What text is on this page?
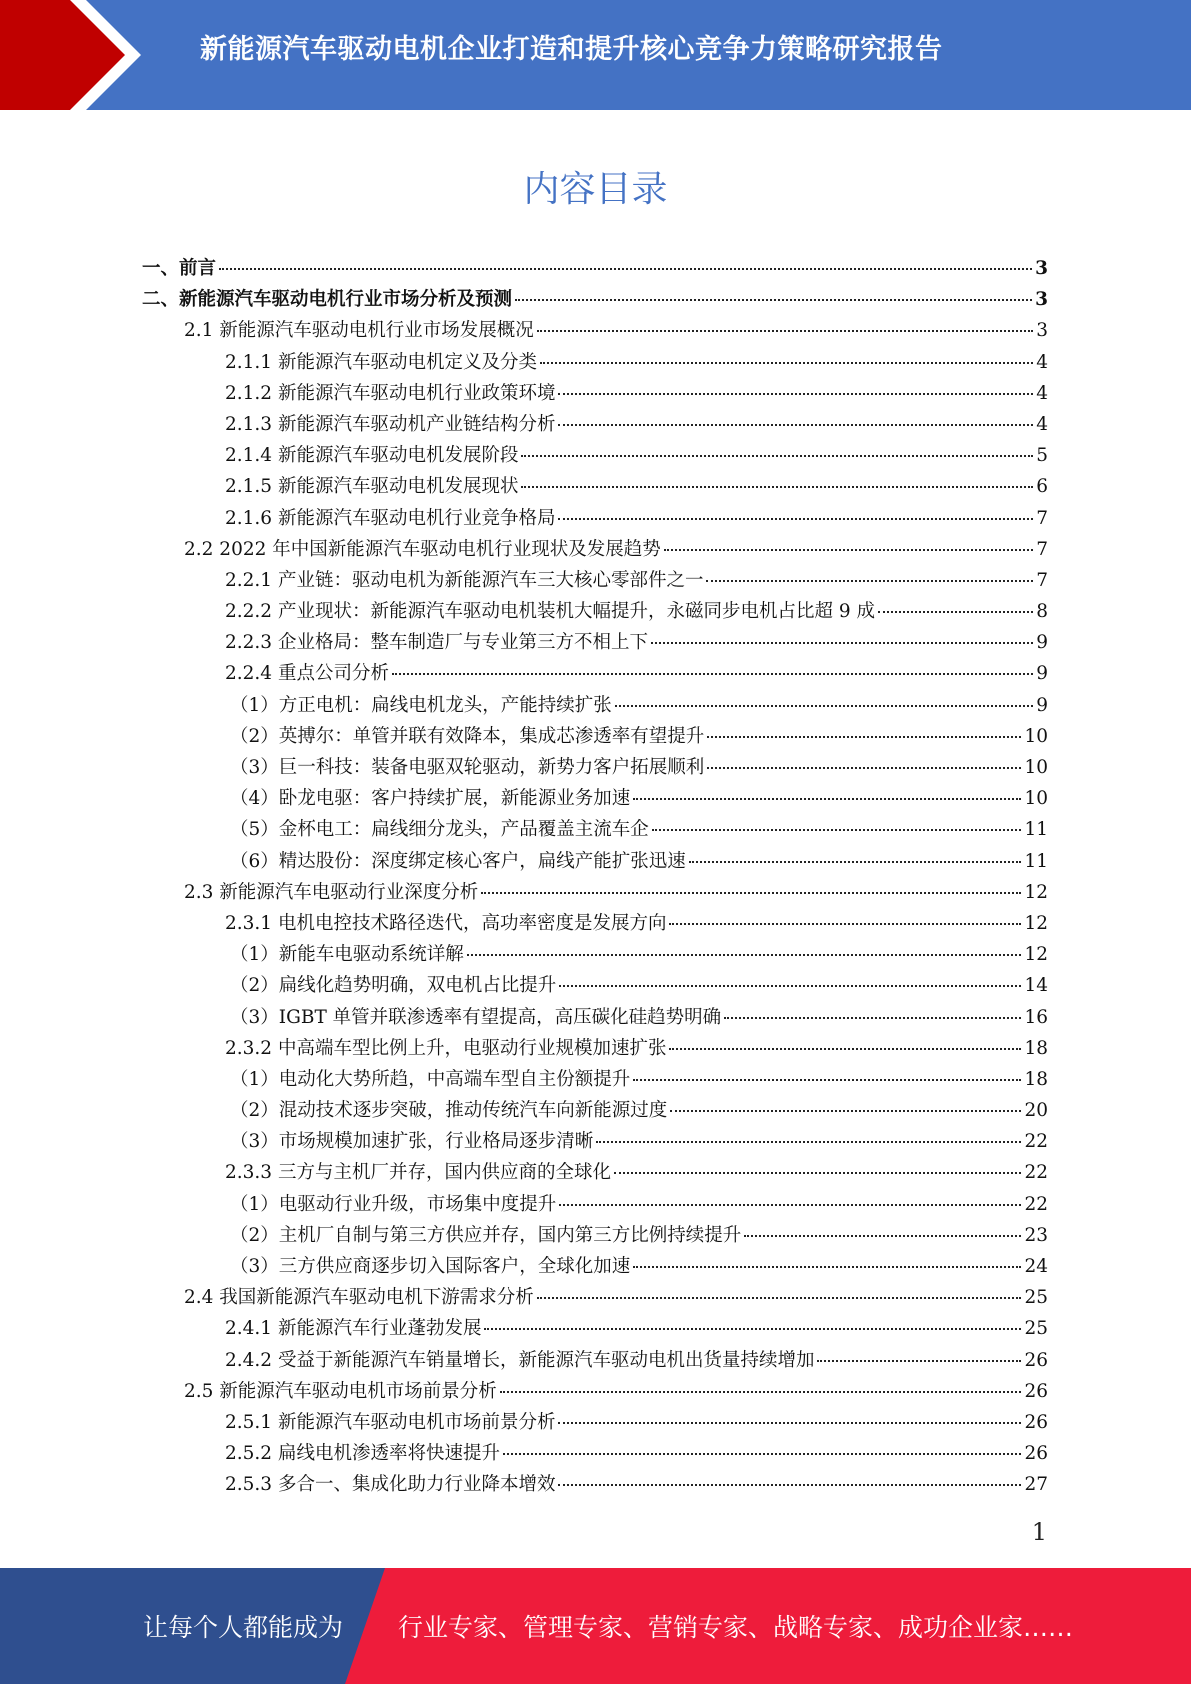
新能源汽车驱动电机企业打造和提升核心竞争力策略研究报告
内容目录
一、前言	3
二、新能源汽车驱动电机行业市场分析及预测	3
2.1 新能源汽车驱动电机行业市场发展概况	3
2.1.1 新能源汽车驱动电机定义及分类	4
2.1.2 新能源汽车驱动电机行业政策环境	4
2.1.3 新能源汽车驱动机产业链结构分析	4
2.1.4 新能源汽车驱动电机发展阶段	5
2.1.5 新能源汽车驱动电机发展现状	6
2.1.6 新能源汽车驱动电机行业竞争格局	7
2.2 2022 年中国新能源汽车驱动电机行业现状及发展趋势	7
2.2.1 产业链：驱动电机为新能源汽车三大核心零部件之一	7
2.2.2 产业现状：新能源汽车驱动电机装机大幅提升，永磁同步电机占比超 9 成	8
2.2.3 企业格局：整车制造厂与专业第三方不相上下	9
2.2.4 重点公司分析	9
（1）方正电机：扁线电机龙头，产能持续扩张	9
（2）英搏尔：单管并联有效降本，集成芯渗透率有望提升	10
（3）巨一科技：装备电驱双轮驱动，新势力客户拓展顺利	10
（4）卧龙电驱：客户持续扩展，新能源业务加速	10
（5）金杯电工：扁线细分龙头，产品覆盖主流车企	11
（6）精达股份：深度绑定核心客户，扁线产能扩张迅速	11
2.3 新能源汽车电驱动行业深度分析	12
2.3.1 电机电控技术路径迭代，高功率密度是发展方向	12
（1）新能车电驱动系统详解	12
（2）扁线化趋势明确，双电机占比提升	14
（3）IGBT 单管并联渗透率有望提高，高压碳化硅趋势明确	16
2.3.2 中高端车型比例上升，电驱动行业规模加速扩张	18
（1）电动化大势所趋，中高端车型自主份额提升	18
（2）混动技术逐步突破，推动传统汽车向新能源过度	20
（3）市场规模加速扩张，行业格局逐步清晰	22
2.3.3 三方与主机厂并存，国内供应商的全球化	22
（1）电驱动行业升级，市场集中度提升	22
（2）主机厂自制与第三方供应并存，国内第三方比例持续提升	23
（3）三方供应商逐步切入国际客户，全球化加速	24
2.4 我国新能源汽车驱动电机下游需求分析	25
2.4.1 新能源汽车行业蓬勃发展	25
2.4.2 受益于新能源汽车销量增长，新能源汽车驱动电机出货量持续增加	26
2.5 新能源汽车驱动电机市场前景分析	26
2.5.1 新能源汽车驱动电机市场前景分析	26
2.5.2 扁线电机渗透率将快速提升	26
2.5.3 多合一、集成化助力行业降本增效	27
1
让每个人都能成为 行业专家、管理专家、营销专家、战略专家、成功企业家……
